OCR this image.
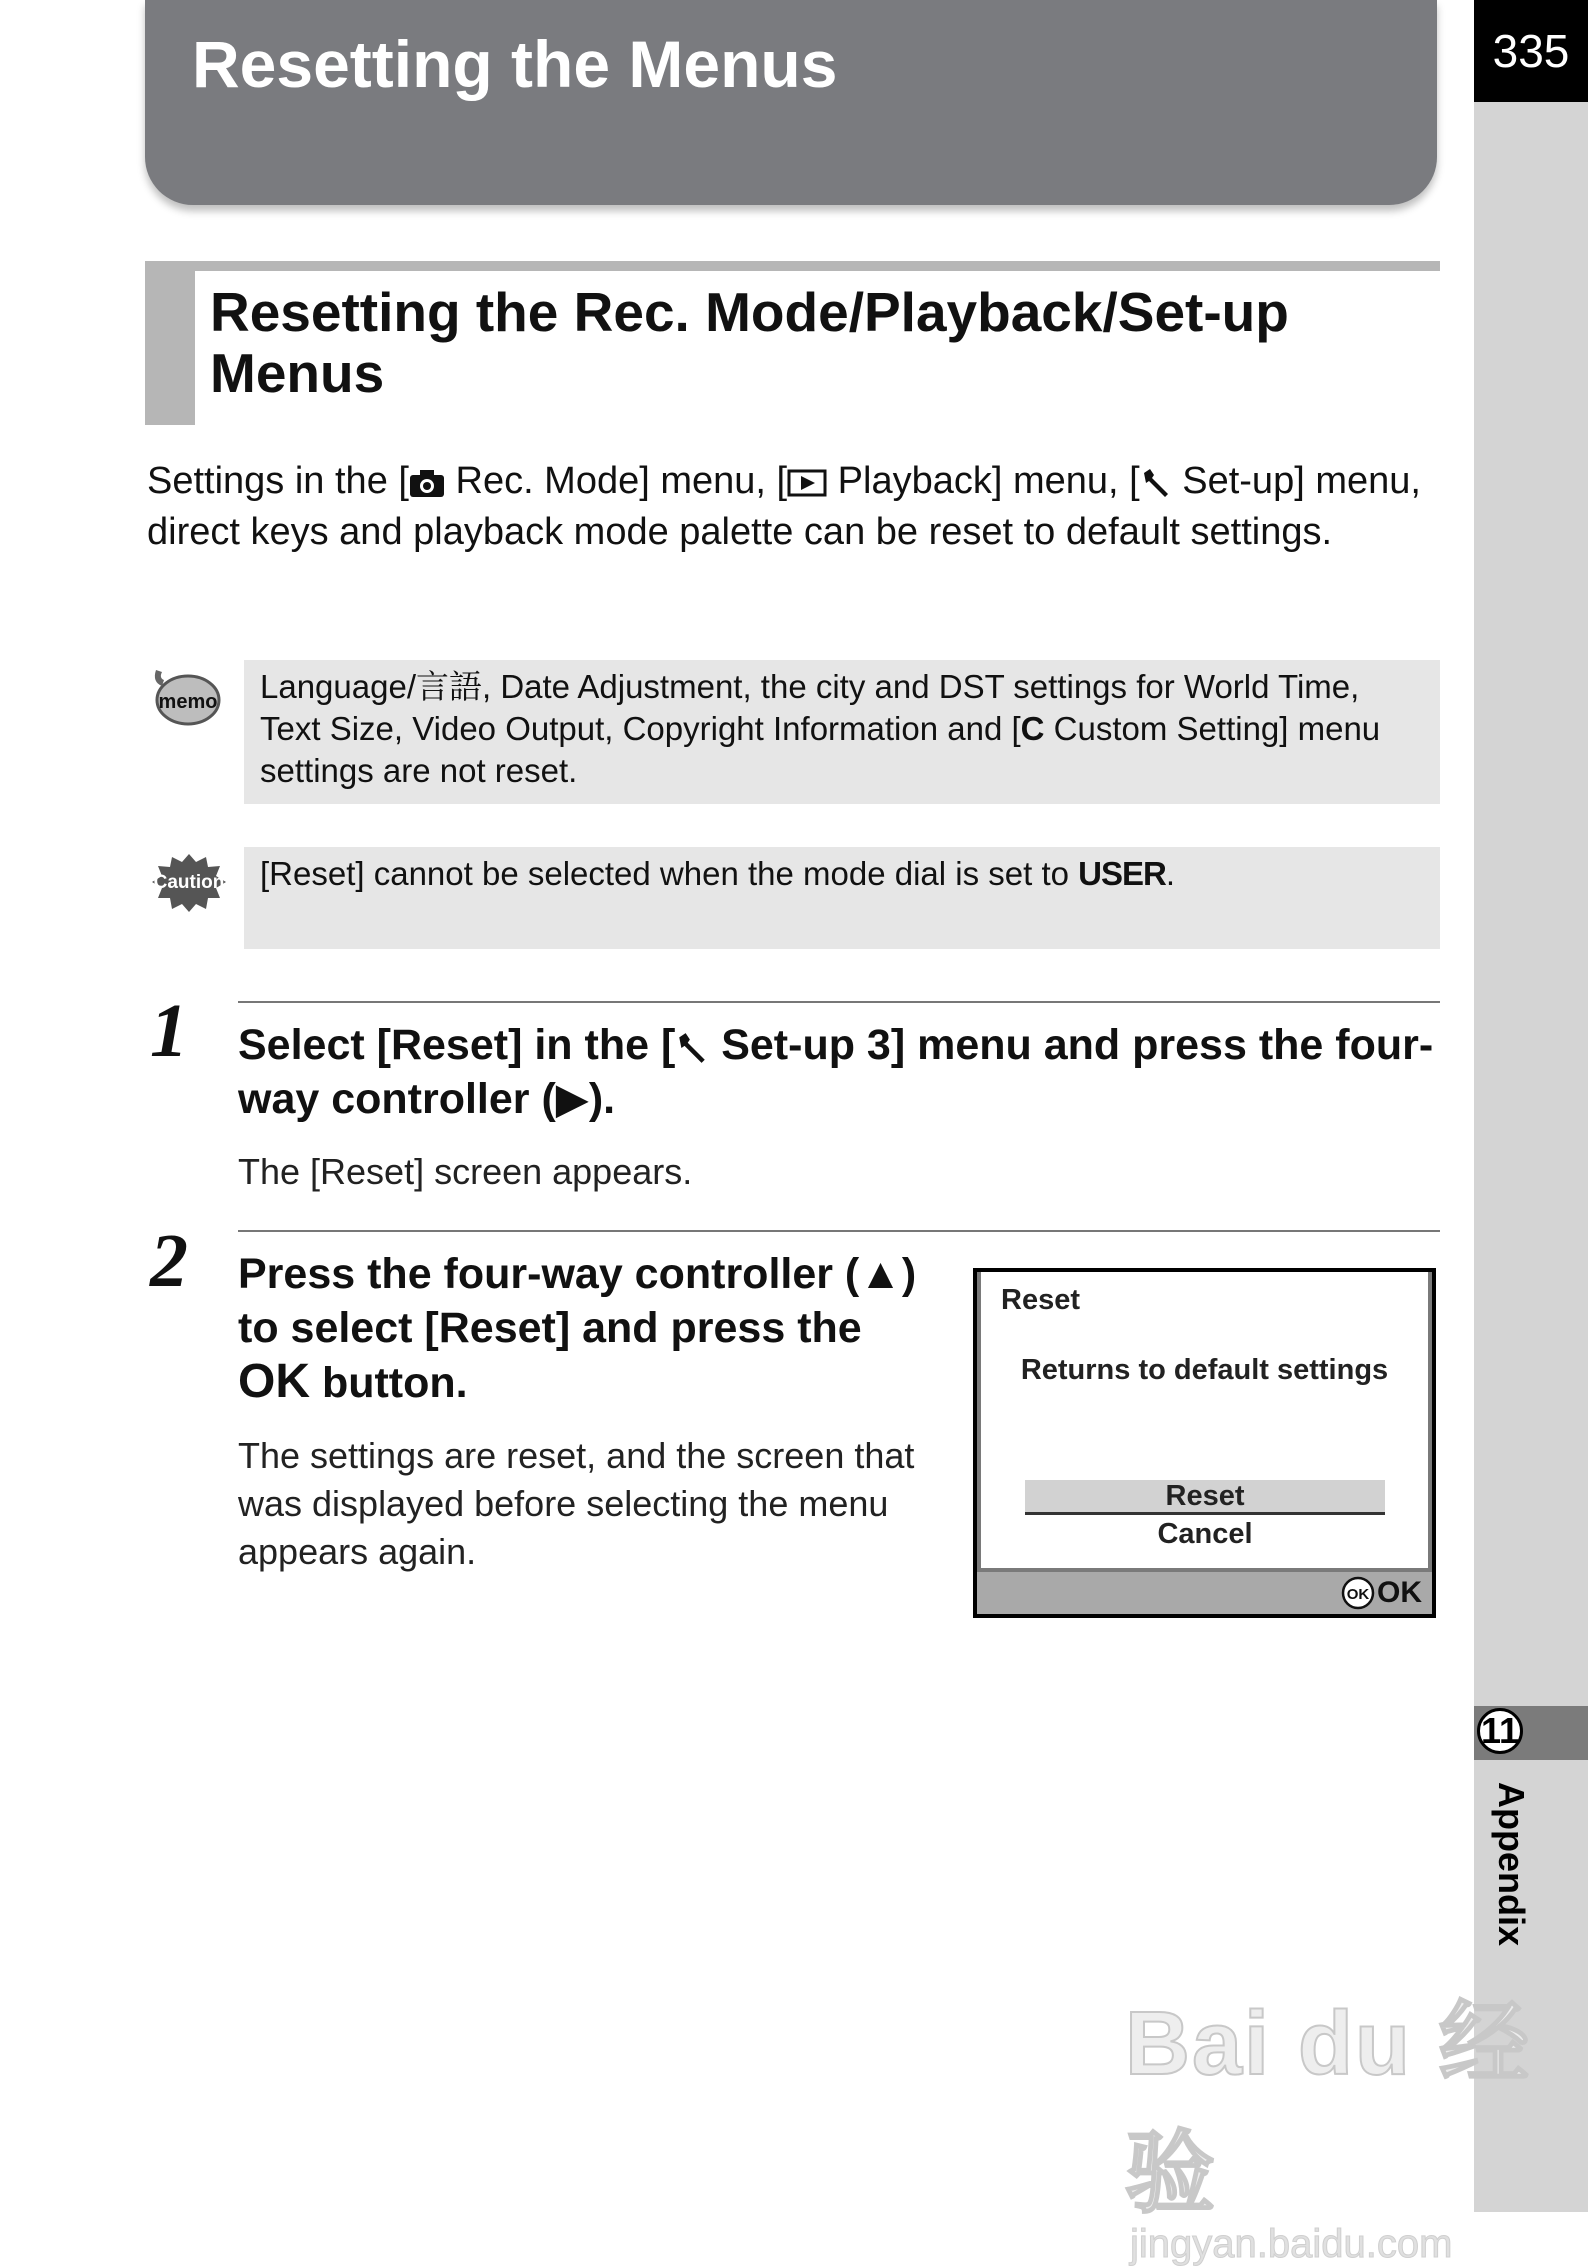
Resetting the Menus	335
11
Appendix
Resetting the Rec. Mode/Playback/Set-up Menus
Settings in the [ Rec. Mode] menu, [ Playback] menu, [ Set-up] menu, direct keys and playback mode palette can be reset to default settings.
memo	Language/言語, Date Adjustment, the city and DST settings for World Time, Text Size, Video Output, Copyright Information and [C Custom Setting] menu settings are not reset.
Caution	[Reset] cannot be selected when the mode dial is set to USER.
1 Select [Reset] in the [ Set-up 3] menu and press the four-way controller (▶).
The [Reset] screen appears.
2 Press the four-way controller (▲)
to select [Reset] and press the
OK button.
The settings are reset, and the screen that was displayed before selecting the menu appears again.
Reset
Returns to default settings
Reset
Cancel
OK OK
Bai du 经验
jingyan.baidu.com
